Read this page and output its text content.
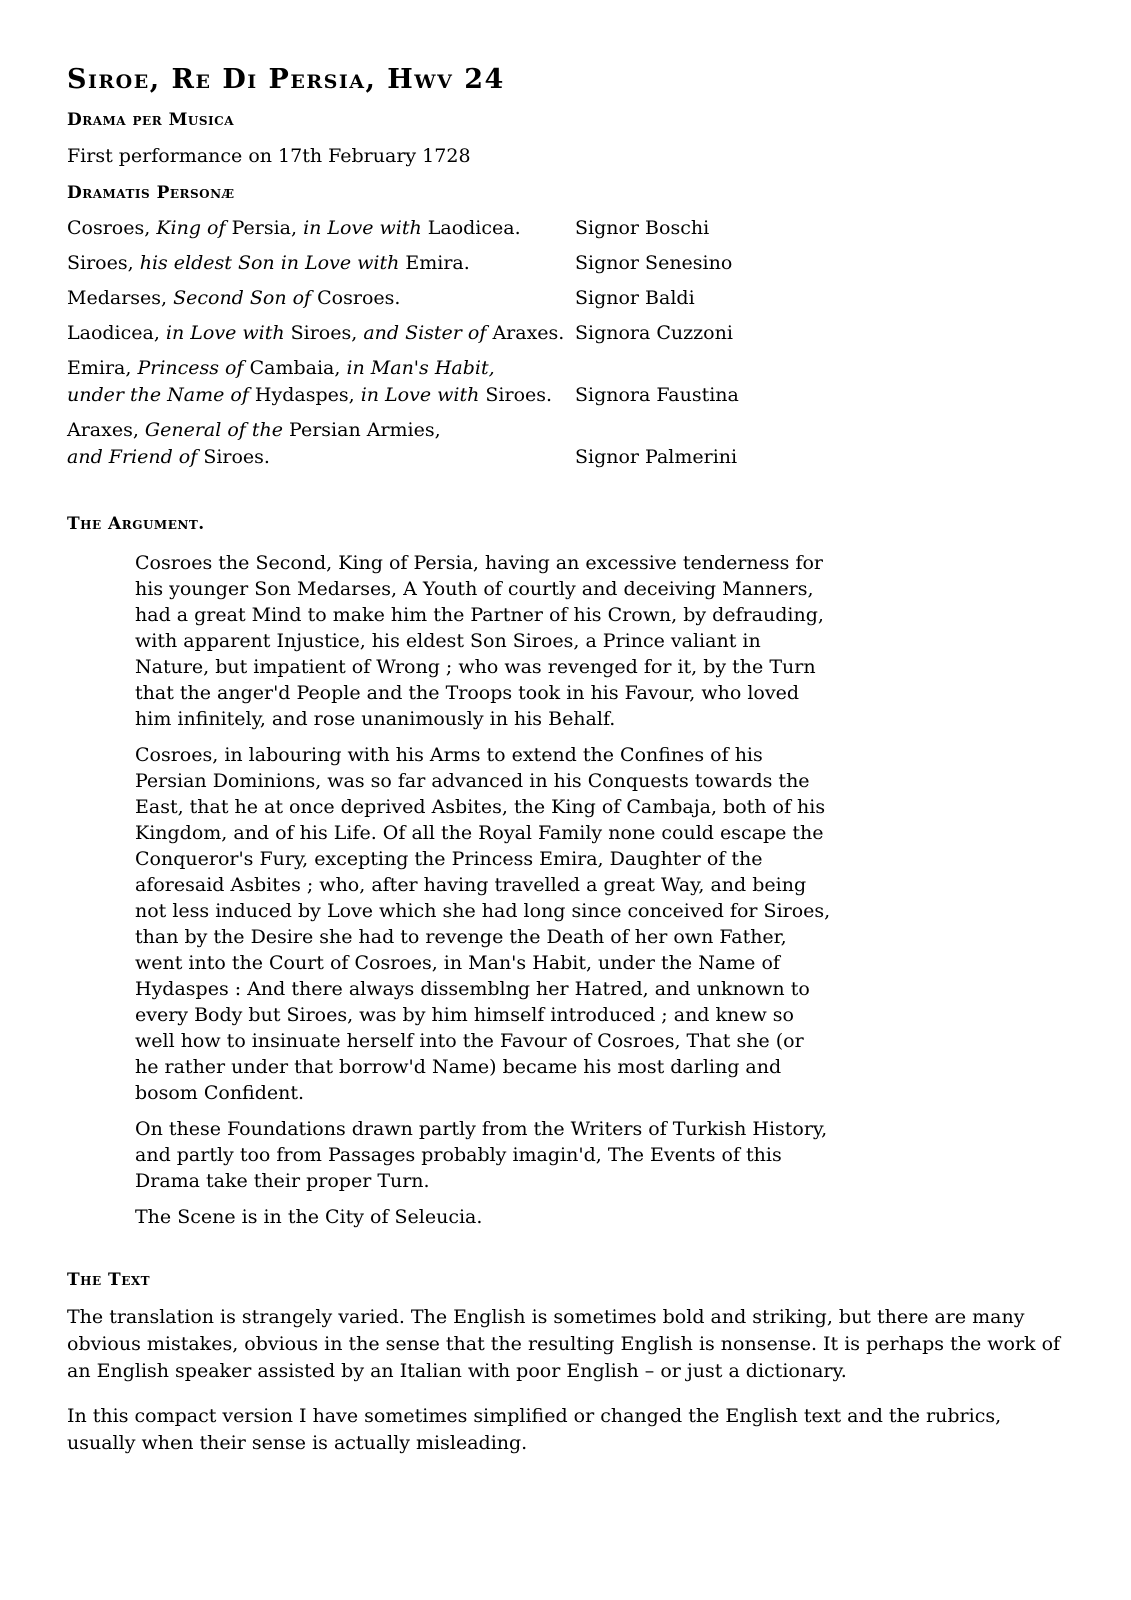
Siroe, Re Di Persia, Hwv 24
Drama per Musica
First performance on 17th February 1728
Dramatis Personæ
Cosroes, King of Persia, in Love with Laodicea.	Signor Boschi
Siroes, his eldest Son in Love with Emira.	Signor Senesino
Medarses, Second Son of Cosroes.	Signor Baldi
Laodicea, in Love with Siroes, and Sister of Araxes. Signora Cuzzoni
Emira, Princess of Cambaia, in Man's Habit,
under the Name of Hydaspes, in Love with Siroes.	Signora Faustina
Araxes, General of the Persian Armies,
and Friend of Siroes.	Signor Palmerini
The Argument.

Cosroes the Second, King of Persia, having an excessive tenderness for his younger Son Medarses, A Youth of courtly and deceiving Manners, had a great Mind to make him the Partner of his Crown, by defrauding, with apparent Injustice, his eldest Son Siroes, a Prince valiant in Nature, but impatient of Wrong ; who was revenged for it, by the Turn that the anger'd People and the Troops took in his Favour, who loved him infinitely, and rose unanimously in his Behalf.

Cosroes, in labouring with his Arms to extend the Confines of his Persian Dominions, was so far advanced in his Conquests towards the East, that he at once deprived Asbites, the King of Cambaja, both of his Kingdom, and of his Life. Of all the Royal Family none could escape the Conqueror's Fury, excepting the Princess Emira, Daughter of the aforesaid Asbites ; who, after having travelled a great Way, and being not less induced by Love which she had long since conceived for Siroes, than by the Desire she had to revenge the Death of her own Father, went into the Court of Cosroes, in Man's Habit, under the Name of Hydaspes : And there always dissemblng her Hatred, and unknown to every Body but Siroes, was by him himself introduced ; and knew so well how to insinuate herself into the Favour of Cosroes, That she (or he rather under that borrow'd Name) became his most darling and bosom Confident.

On these Foundations drawn partly from the Writers of Turkish History, and partly too from Passages probably imagin'd, The Events of this Drama take their proper Turn.

The Scene is in the City of Seleucia.

The Text

The translation is strangely varied. The English is sometimes bold and striking, but there are many obvious mistakes, obvious in the sense that the resulting English is nonsense. It is perhaps the work of an English speaker assisted by an Italian with poor English – or just a dictionary.

In this compact version I have sometimes simplified or changed the English text and the rubrics, usually when their sense is actually misleading.
